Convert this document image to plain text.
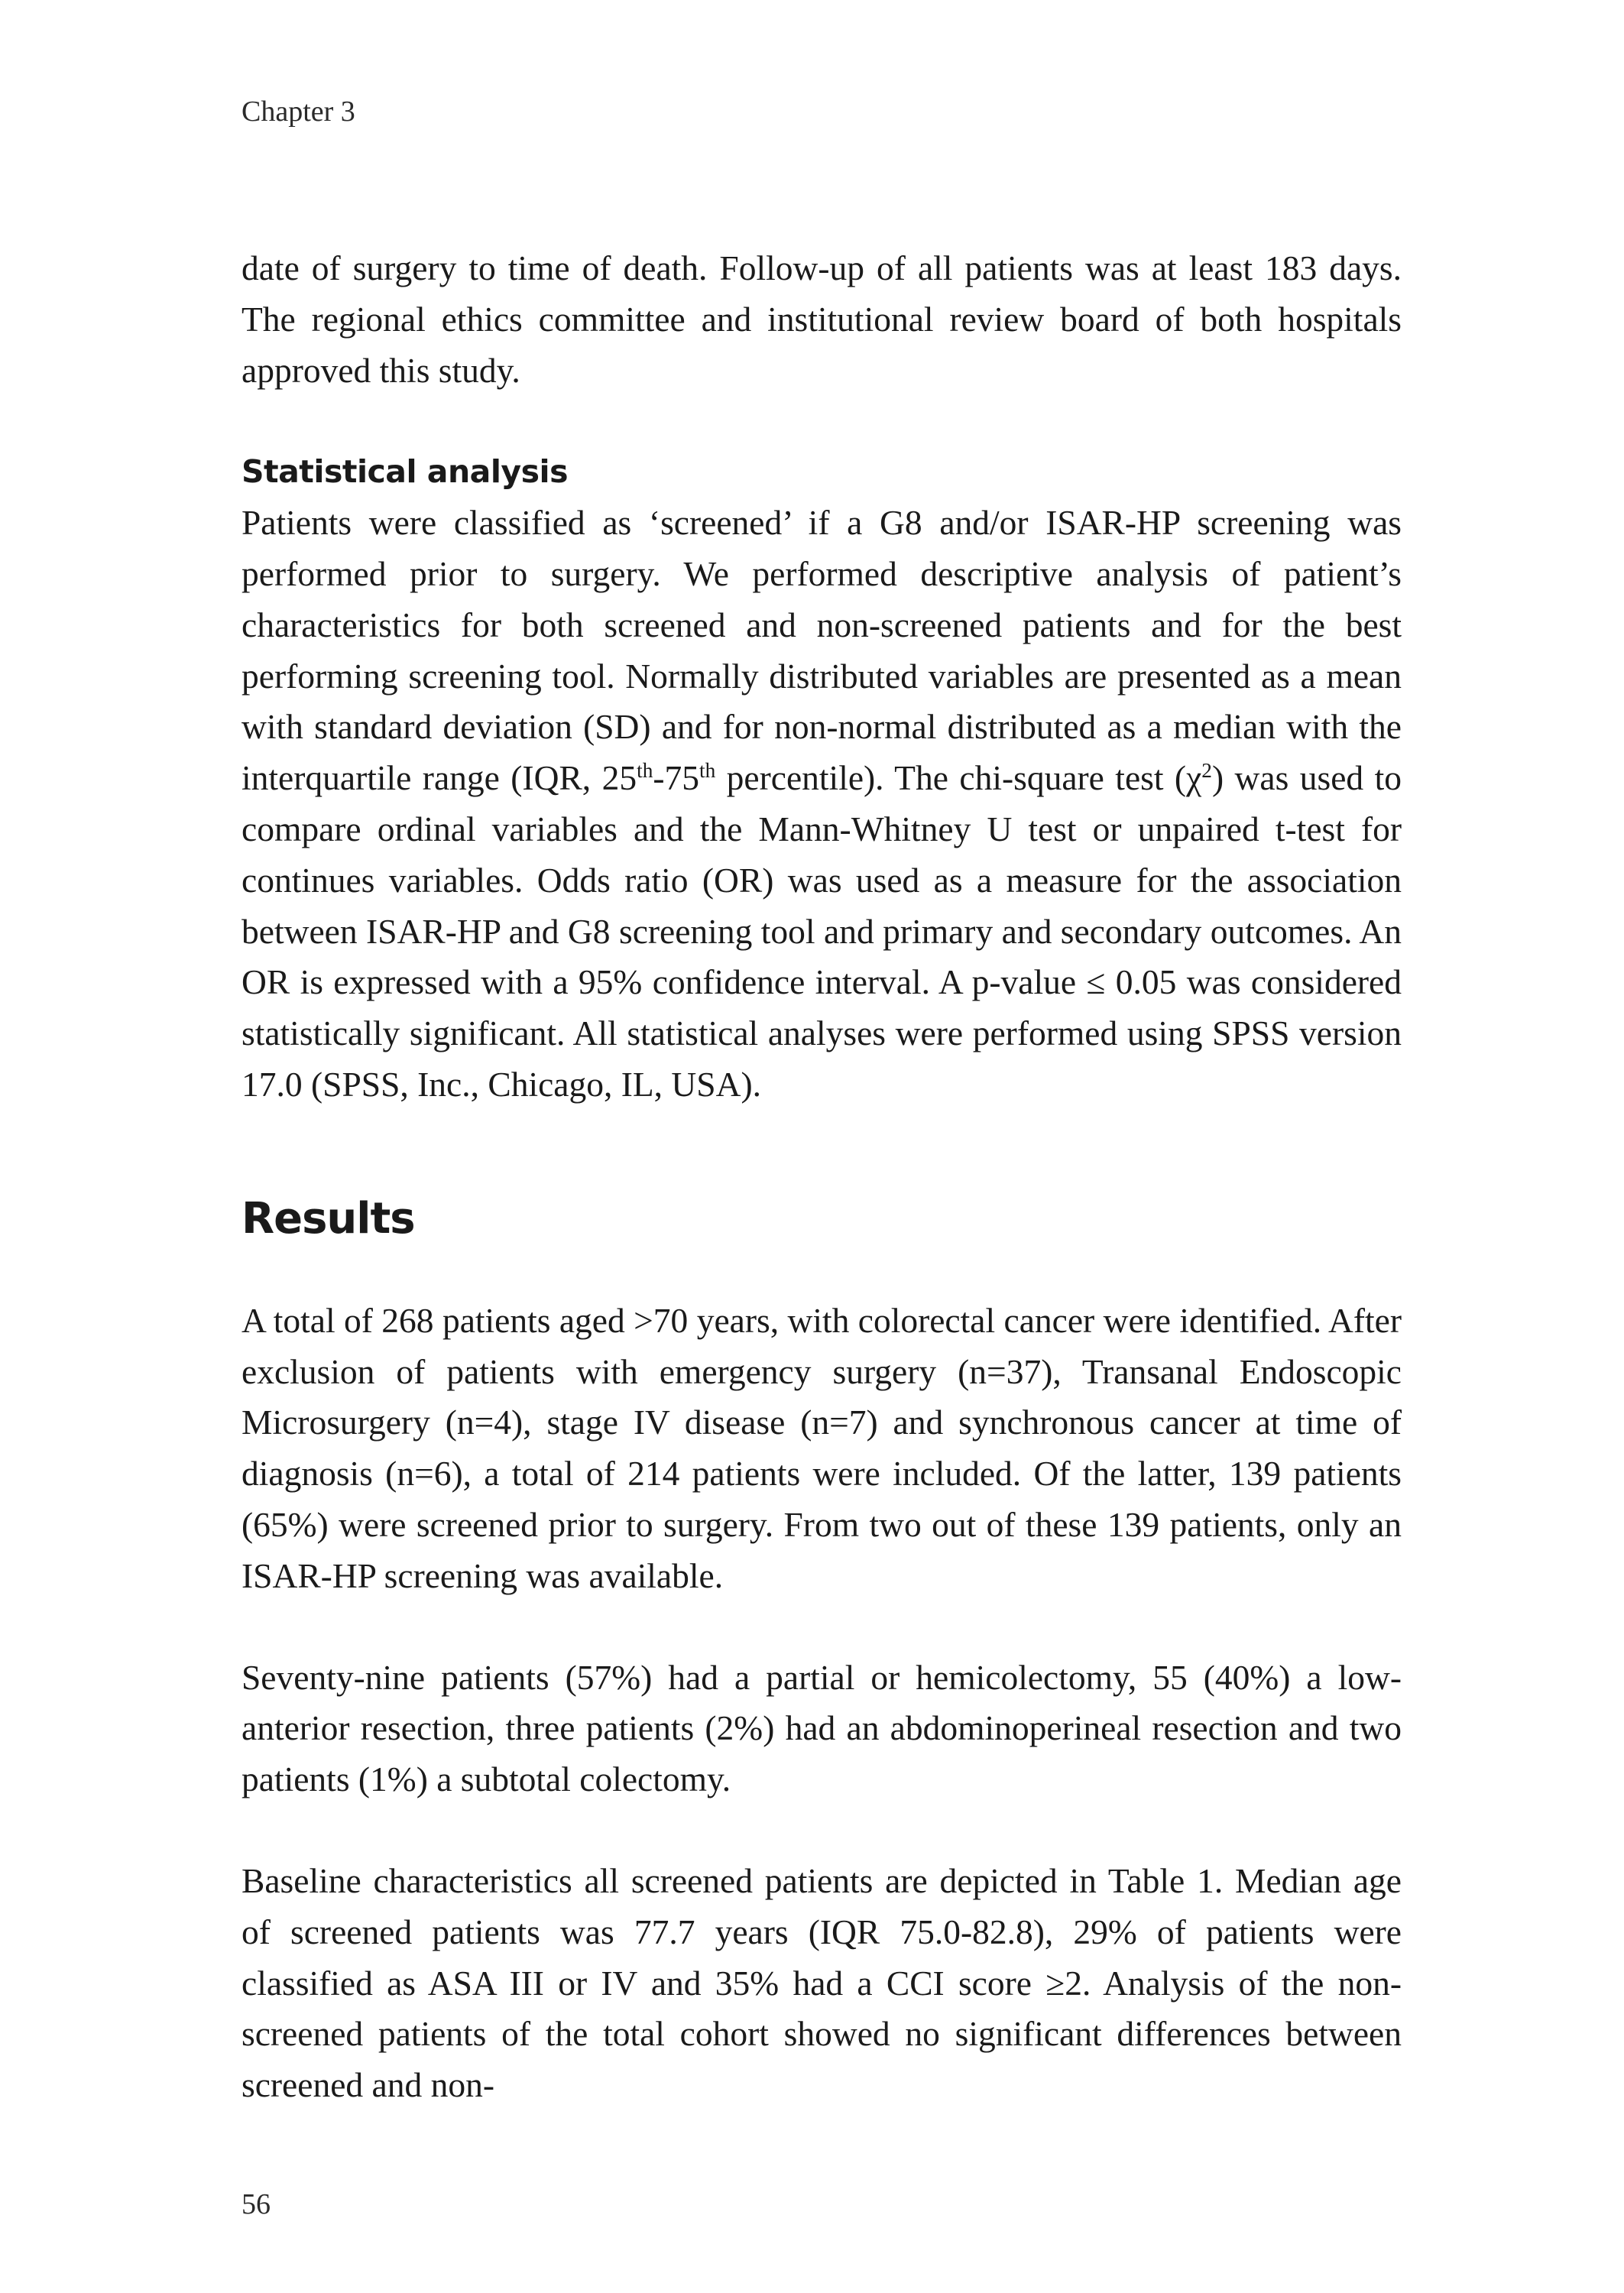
Chapter 3

date of surgery to time of death. Follow-up of all patients was at least 183 days. The regional ethics committee and institutional review board of both hospitals approved this study.

Statistical analysis

Patients were classified as ‘screened’ if a G8 and/or ISAR-HP screening was performed prior to surgery. We performed descriptive analysis of patient’s characteristics for both screened and non-screened patients and for the best performing screening tool. Normally distributed variables are presented as a mean with standard deviation (SD) and for non-normal distributed as a median with the interquartile range (IQR, 25th-75th percentile). The chi-square test $(\chi^2)$ was used to compare ordinal variables and the Mann-Whitney U test or unpaired t-test for continues variables. Odds ratio (OR) was used as a measure for the association between ISAR-HP and G8 screening tool and primary and secondary outcomes. An OR is expressed with a 95% confidence interval. A p-value ≤ 0.05 was considered statistically significant. All statistical analyses were performed using SPSS version 17.0 (SPSS, Inc., Chicago, IL, USA).

Results

A total of 268 patients aged >70 years, with colorectal cancer were identified. After exclusion of patients with emergency surgery (n=37), Transanal Endoscopic Microsurgery (n=4), stage IV disease (n=7) and synchronous cancer at time of diagnosis (n=6), a total of 214 patients were included. Of the latter, 139 patients (65%) were screened prior to surgery. From two out of these 139 patients, only an ISAR-HP screening was available.

Seventy-nine patients (57%) had a partial or hemicolectomy, 55 (40%) a low-anterior resection, three patients (2%) had an abdominoperineal resection and two patients (1%) a subtotal colectomy.

Baseline characteristics all screened patients are depicted in Table 1. Median age of screened patients was 77.7 years (IQR 75.0-82.8), 29% of patients were classified as ASA III or IV and 35% had a CCI score ≥2. Analysis of the non-screened patients of the total cohort showed no significant differences between screened and non-

56
